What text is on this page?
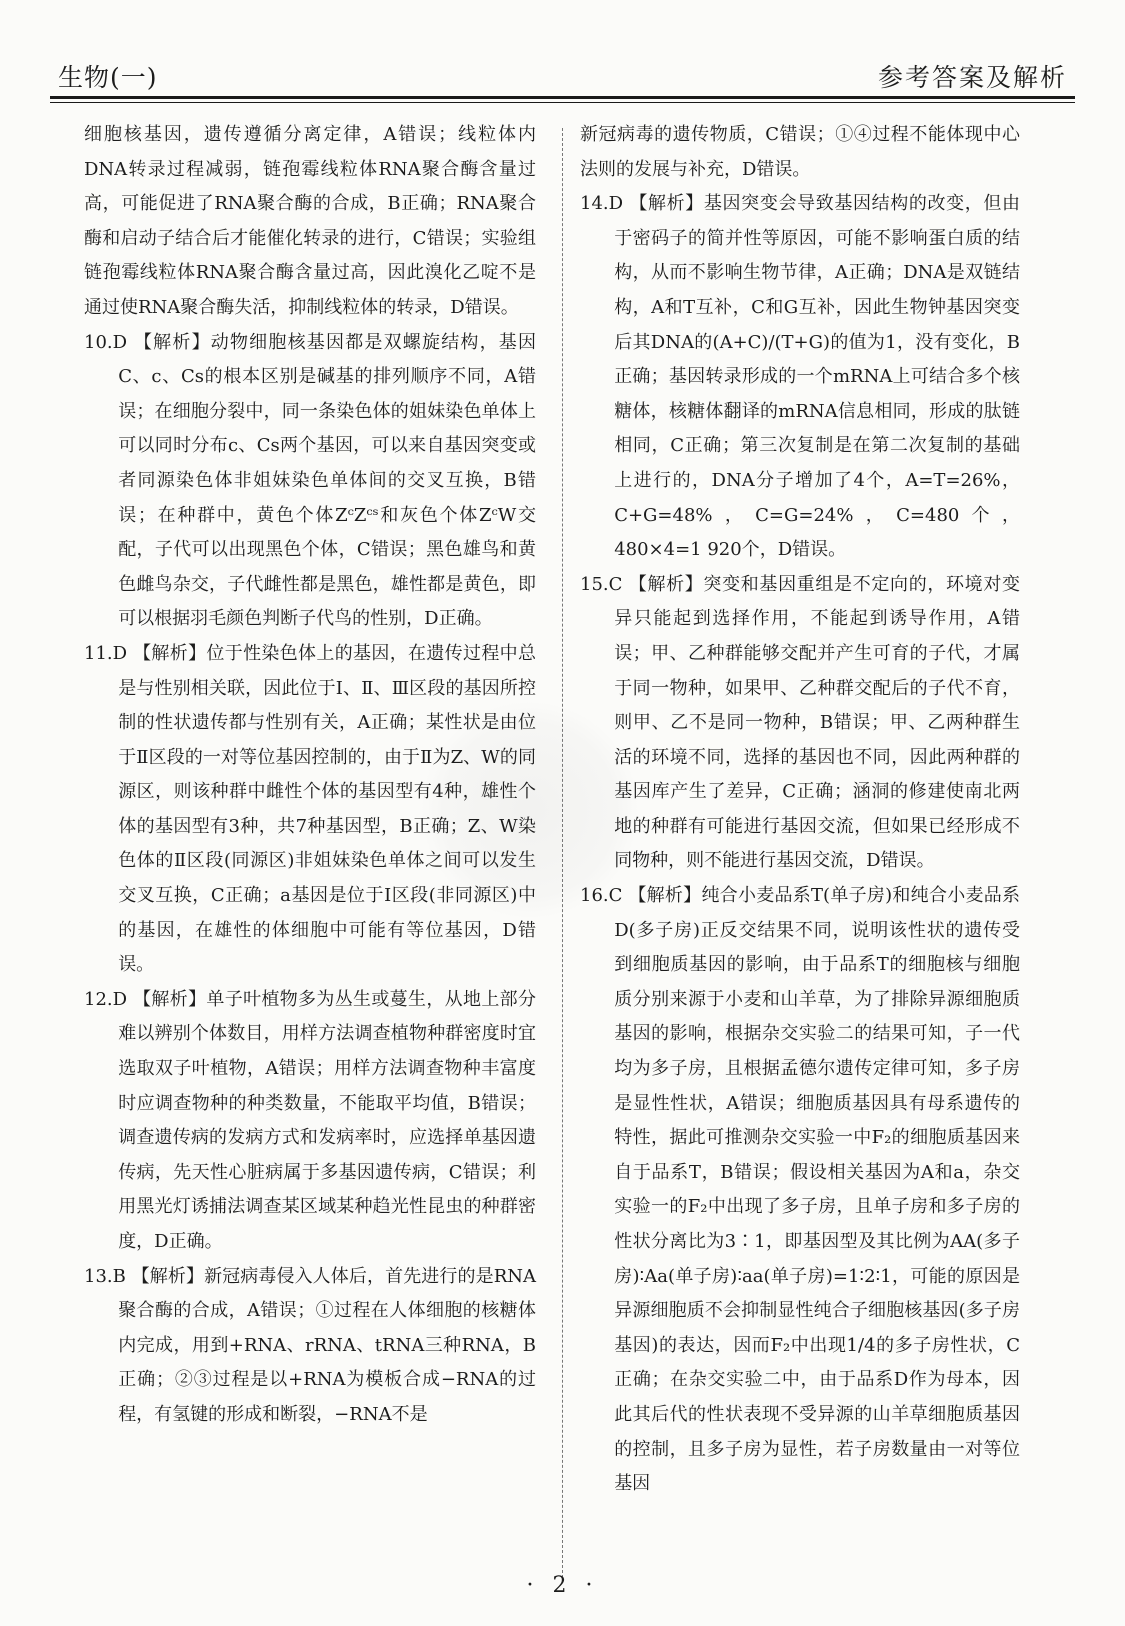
生物(一)	参考答案及解析

细胞核基因，遗传遵循分离定律，A错误；线粒体内DNA转录过程减弱，链孢霉线粒体RNA聚合酶含量过高，可能促进了RNA聚合酶的合成，B正确；RNA聚合酶和启动子结合后才能催化转录的进行，C错误；实验组链孢霉线粒体RNA聚合酶含量过高，因此溴化乙啶不是通过使RNA聚合酶失活，抑制线粒体的转录，D错误。

10.D 【解析】动物细胞核基因都是双螺旋结构，基因C、c、Cs的根本区别是碱基的排列顺序不同，A错误；在细胞分裂中，同一条染色体的姐妹染色单体上可以同时分布c、Cs两个基因，可以来自基因突变或者同源染色体非姐妹染色单体间的交叉互换，B错误；在种群中，黄色个体ZᶜZᶜˢ和灰色个体ZᶜW交配，子代可以出现黑色个体，C错误；黑色雄鸟和黄色雌鸟杂交，子代雌性都是黑色，雄性都是黄色，即可以根据羽毛颜色判断子代鸟的性别，D正确。

11.D 【解析】位于性染色体上的基因，在遗传过程中总是与性别相关联，因此位于Ⅰ、Ⅱ、Ⅲ区段的基因所控制的性状遗传都与性别有关，A正确；某性状是由位于Ⅱ区段的一对等位基因控制的，由于Ⅱ为Z、W的同源区，则该种群中雌性个体的基因型有4种，雄性个体的基因型有3种，共7种基因型，B正确；Z、W染色体的Ⅱ区段(同源区)非姐妹染色单体之间可以发生交叉互换，C正确；a基因是位于Ⅰ区段(非同源区)中的基因，在雄性的体细胞中可能有等位基因，D错误。

12.D 【解析】单子叶植物多为丛生或蔓生，从地上部分难以辨别个体数目，用样方法调查植物种群密度时宜选取双子叶植物，A错误；用样方法调查物种丰富度时应调查物种的种类数量，不能取平均值，B错误；调查遗传病的发病方式和发病率时，应选择单基因遗传病，先天性心脏病属于多基因遗传病，C错误；利用黑光灯诱捕法调查某区域某种趋光性昆虫的种群密度，D正确。

13.B 【解析】新冠病毒侵入人体后，首先进行的是RNA聚合酶的合成，A错误；①过程在人体细胞的核糖体内完成，用到+RNA、rRNA、tRNA三种RNA，B正确；②③过程是以+RNA为模板合成−RNA的过程，有氢键的形成和断裂，−RNA不是

新冠病毒的遗传物质，C错误；①④过程不能体现中心法则的发展与补充，D错误。

14.D 【解析】基因突变会导致基因结构的改变，但由于密码子的简并性等原因，可能不影响蛋白质的结构，从而不影响生物节律，A正确；DNA是双链结构，A和T互补，C和G互补，因此生物钟基因突变后其DNA的(A+C)/(T+G)的值为1，没有变化，B正确；基因转录形成的一个mRNA上可结合多个核糖体，核糖体翻译的mRNA信息相同，形成的肽链相同，C正确；第三次复制是在第二次复制的基础上进行的，DNA分子增加了4个，A=T=26%，C+G=48%，C=G=24%，C=480个，480×4=1 920个，D错误。

15.C 【解析】突变和基因重组是不定向的，环境对变异只能起到选择作用，不能起到诱导作用，A错误；甲、乙种群能够交配并产生可育的子代，才属于同一物种，如果甲、乙种群交配后的子代不育，则甲、乙不是同一物种，B错误；甲、乙两种群生活的环境不同，选择的基因也不同，因此两种群的基因库产生了差异，C正确；涵洞的修建使南北两地的种群有可能进行基因交流，但如果已经形成不同物种，则不能进行基因交流，D错误。

16.C 【解析】纯合小麦品系T(单子房)和纯合小麦品系D(多子房)正反交结果不同，说明该性状的遗传受到细胞质基因的影响，由于品系T的细胞核与细胞质分别来源于小麦和山羊草，为了排除异源细胞质基因的影响，根据杂交实验二的结果可知，子一代均为多子房，且根据孟德尔遗传定律可知，多子房是显性性状，A错误；细胞质基因具有母系遗传的特性，据此可推测杂交实验一中F₂的细胞质基因来自于品系T，B错误；假设相关基因为A和a，杂交实验一的F₂中出现了多子房，且单子房和多子房的性状分离比为3∶1，即基因型及其比例为AA(多子房)∶Aa(单子房)∶aa(单子房)=1∶2∶1，可能的原因是异源细胞质不会抑制显性纯合子细胞核基因(多子房基因)的表达，因而F₂中出现1/4的多子房性状，C正确；在杂交实验二中，由于品系D作为母本，因此其后代的性状表现不受异源的山羊草细胞质基因的控制，且多子房为显性，若子房数量由一对等位基因

· 2 ·
